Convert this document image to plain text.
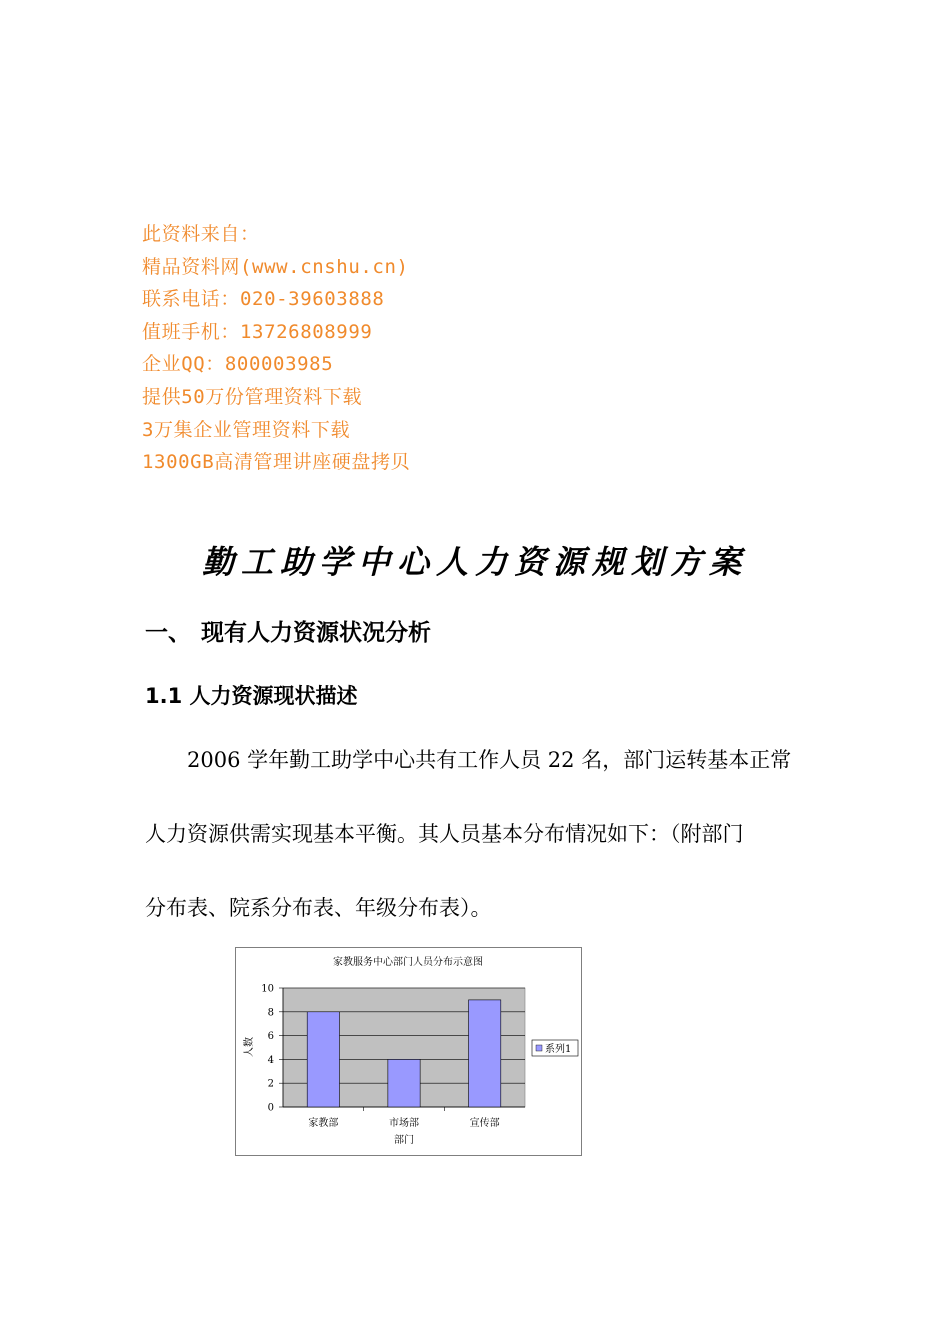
此资料来自：
精品资料网(www.cnshu.cn)
联系电话：020-39603888
值班手机：13726808999
企业QQ：800003985
提供50万份管理资料下载
3万集企业管理资料下载
1300GB高清管理讲座硬盘拷贝
勤工助学中心人力资源规划方案
一、 现有人力资源状况分析
1.1 人力资源现状描述
2006 学年勤工助学中心共有工作人员 22 名，部门运转基本正常
人力资源供需实现基本平衡。其人员基本分布情况如下：（附部门
分布表、院系分布表、年级分布表）。
家教服务中心部门人员分布示意图
人数
部门
0
2
4
6
8
10
家教部	市场部	宣传部
系列1
